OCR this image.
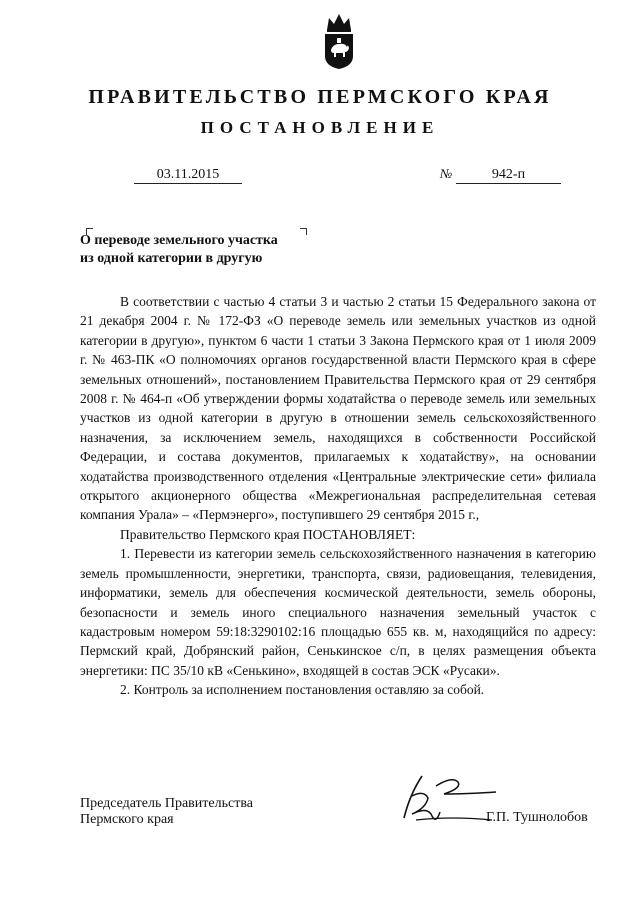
ПРАВИТЕЛЬСТВО ПЕРМСКОГО КРАЯ
ПОСТАНОВЛЕНИЕ
03.11.2015	№	942-п
О переводе земельного участка
из одной категории в другую

В соответствии с частью 4 статьи 3 и частью 2 статьи 15 Федерального закона от 21 декабря 2004 г. № 172-ФЗ «О переводе земель или земельных участков из одной категории в другую», пунктом 6 части 1 статьи 3 Закона Пермского края от 1 июля 2009 г. № 463-ПК «О полномочиях органов государственной власти Пермского края в сфере земельных отношений», постановлением Правительства Пермского края от 29 сентября 2008 г. № 464-п «Об утверждении формы ходатайства о переводе земель или земельных участков из одной категории в другую в отношении земель сельскохозяйственного назначения, за исключением земель, находящихся в собственности Российской Федерации, и состава документов, прилагаемых к ходатайству», на основании ходатайства производственного отделения «Центральные электрические сети» филиала открытого акционерного общества «Межрегиональная распределительная сетевая компания Урала» – «Пермэнерго», поступившего 29 сентября 2015 г.,

Правительство Пермского края ПОСТАНОВЛЯЕТ:

1. Перевести из категории земель сельскохозяйственного назначения в категорию земель промышленности, энергетики, транспорта, связи, радиовещания, телевидения, информатики, земель для обеспечения космической деятельности, земель обороны, безопасности и земель иного специального назначения земельный участок с кадастровым номером 59:18:3290102:16 площадью 655 кв. м, находящийся по адресу: Пермский край, Добрянский район, Сенькинское с/п, в целях размещения объекта энергетики: ПС 35/10 кВ «Сенькино», входящей в состав ЭСК «Русаки».

2. Контроль за исполнением постановления оставляю за собой.

Председатель Правительства
Пермского края	Г.П. Тушнолобов
